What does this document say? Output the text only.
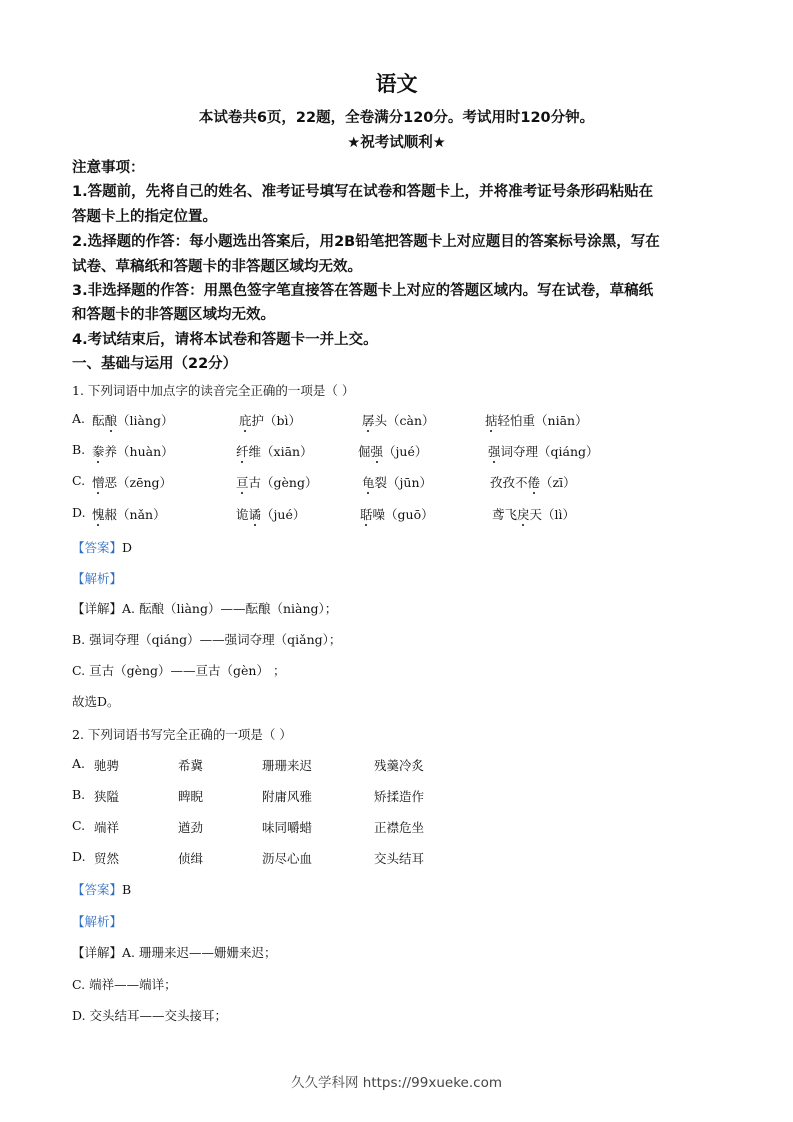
语文
本试卷共6页，22题，全卷满分120分。考试用时120分钟。
★祝考试顺利★
注意事项：
1.答题前，先将自己的姓名、准考证号填写在试卷和答题卡上，并将准考证号条形码粘贴在
答题卡上的指定位置。
2.选择题的作答：每小题选出答案后，用2B铅笔把答题卡上对应题目的答案标号涂黑，写在
试卷、草稿纸和答题卡的非答题区域均无效。
3.非选择题的作答：用黑色签字笔直接答在答题卡上对应的答题区域内。写在试卷，草稿纸
和答题卡的非答题区域均无效。
4.考试结束后，请将本试卷和答题卡一并上交。
一、基础与运用（22分）
1. 下列词语中加点字的读音完全正确的一项是（ ）
A. 酝酿（liàng）	庇护（bì）	孱头（càn）	掂轻怕重（niān）
B. 豢养（huàn）	纤维（xiān）	倔强（jué）	强词夺理（qiáng）
C. 憎恶（zēng）	亘古（gèng）	龟裂（jūn）	孜孜不倦（zī）
D. 愧赧（nǎn）	诡谲（jué）	聒噪（guō）	鸢飞戾天（lì）
【答案】D
【解析】
【详解】A. 酝酿（liàng）——酝酿（niàng）；
B. 强词夺理（qiáng）——强词夺理（qiǎng）；
C. 亘古（gèng）——亘古（gèn） ；
故选D。
2. 下列词语书写完全正确的一项是（ ）
A. 驰骋	希冀	珊珊来迟	残羹冷炙
B. 狭隘	睥睨	附庸风雅	矫揉造作
C. 端祥	遒劲	味同嚼蜡	正襟危坐
D. 贸然	侦缉	沥尽心血	交头结耳
【答案】B
【解析】
【详解】A. 珊珊来迟——姗姗来迟；
C. 端祥——端详；
D. 交头结耳——交头接耳；
久久学科网 https://99xueke.com
